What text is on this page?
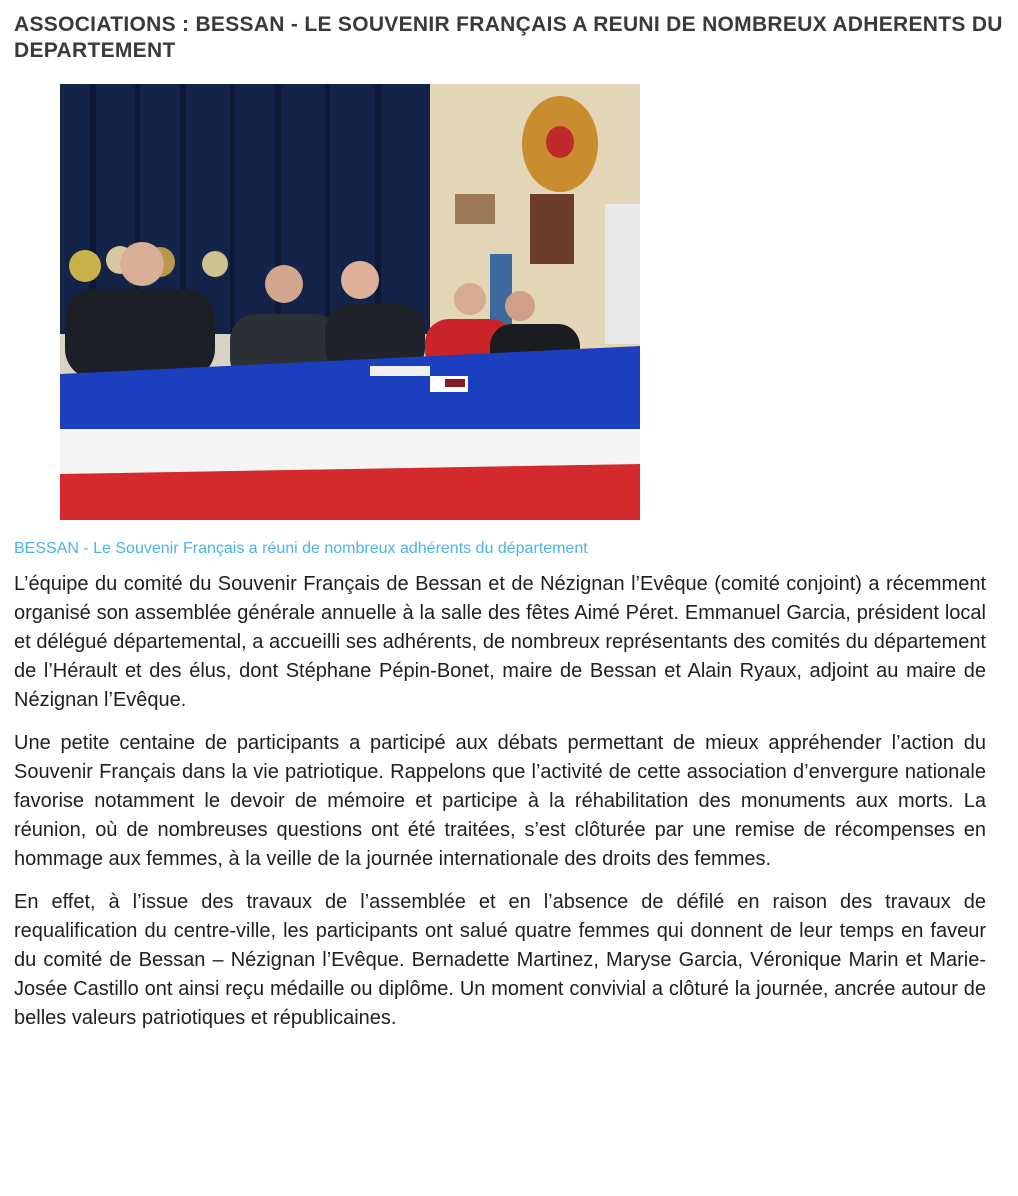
ASSOCIATIONS : BESSAN - LE SOUVENIR FRANÇAIS A REUNI DE NOMBREUX ADHERENTS DU DEPARTEMENT

BESSAN - Le Souvenir Français a réuni de nombreux adhérents du département

L’équipe du comité du Souvenir Français de Bessan et de Nézignan l’Evêque (comité conjoint) a récemment organisé son assemblée générale annuelle à la salle des fêtes Aimé Péret. Emmanuel Garcia, président local et délégué départemental, a accueilli ses adhérents, de nombreux représentants des comités du département de l’Hérault et des élus, dont Stéphane Pépin-Bonet, maire de Bessan et Alain Ryaux, adjoint au maire de Nézignan l’Evêque.

Une petite centaine de participants a participé aux débats permettant de mieux appréhender l’action du Souvenir Français dans la vie patriotique. Rappelons que l’activité de cette association d’envergure nationale favorise notamment le devoir de mémoire et participe à la réhabilitation des monuments aux morts. La réunion, où de nombreuses questions ont été traitées, s’est clôturée par une remise de récompenses en hommage aux femmes, à la veille de la journée internationale des droits des femmes.

En effet, à l’issue des travaux de l’assemblée et en l’absence de défilé en raison des travaux de requalification du centre-ville, les participants ont salué quatre femmes qui donnent de leur temps en faveur du comité de Bessan – Nézignan l’Evêque. Bernadette Martinez, Maryse Garcia, Véronique Marin et Marie-Josée Castillo ont ainsi reçu médaille ou diplôme. Un moment convivial a clôturé la journée, ancrée autour de belles valeurs patriotiques et républicaines.
